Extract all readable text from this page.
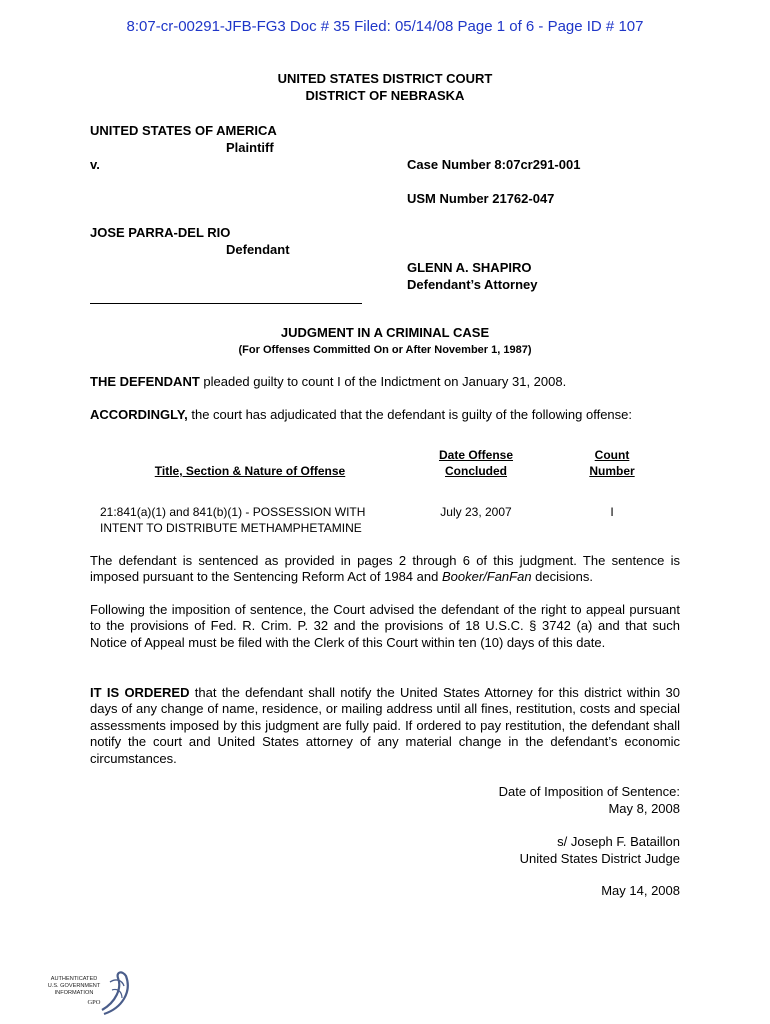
8:07-cr-00291-JFB-FG3 Doc # 35 Filed: 05/14/08 Page 1 of 6 - Page ID # 107
UNITED STATES DISTRICT COURT
DISTRICT OF NEBRASKA
UNITED STATES OF AMERICA
Plaintiff
v.	Case Number 8:07cr291-001
USM Number 21762-047
JOSE PARRA-DEL RIO
Defendant
GLENN A. SHAPIRO
Defendant’s Attorney
JUDGMENT IN A CRIMINAL CASE
(For Offenses Committed On or After November 1, 1987)
THE DEFENDANT pleaded guilty to count I of the Indictment on January 31, 2008.
ACCORDINGLY, the court has adjudicated that the defendant is guilty of the following offense:
Title, Section & Nature of Offense
Date Offense
Concluded
Count
Number
21:841(a)(1) and 841(b)(1) - POSSESSION WITH
INTENT TO DISTRIBUTE METHAMPHETAMINE
July 23, 2007	I
The defendant is sentenced as provided in pages 2 through 6 of this judgment. The sentence is imposed pursuant to the Sentencing Reform Act of 1984 and Booker/FanFan decisions.
Following the imposition of sentence, the Court advised the defendant of the right to appeal pursuant to the provisions of Fed. R. Crim. P. 32 and the provisions of 18 U.S.C. § 3742 (a) and that such Notice of Appeal must be filed with the Clerk of this Court within ten (10) days of this date.
IT IS ORDERED that the defendant shall notify the United States Attorney for this district within 30 days of any change of name, residence, or mailing address until all fines, restitution, costs and special assessments imposed by this judgment are fully paid. If ordered to pay restitution, the defendant shall notify the court and United States attorney of any material change in the defendant’s economic circumstances.
Date of Imposition of Sentence:
May 8, 2008
s/ Joseph F. Bataillon
United States District Judge
May 14, 2008
AUTHENTICATED
U.S. GOVERNMENT
INFORMATION
GPO
